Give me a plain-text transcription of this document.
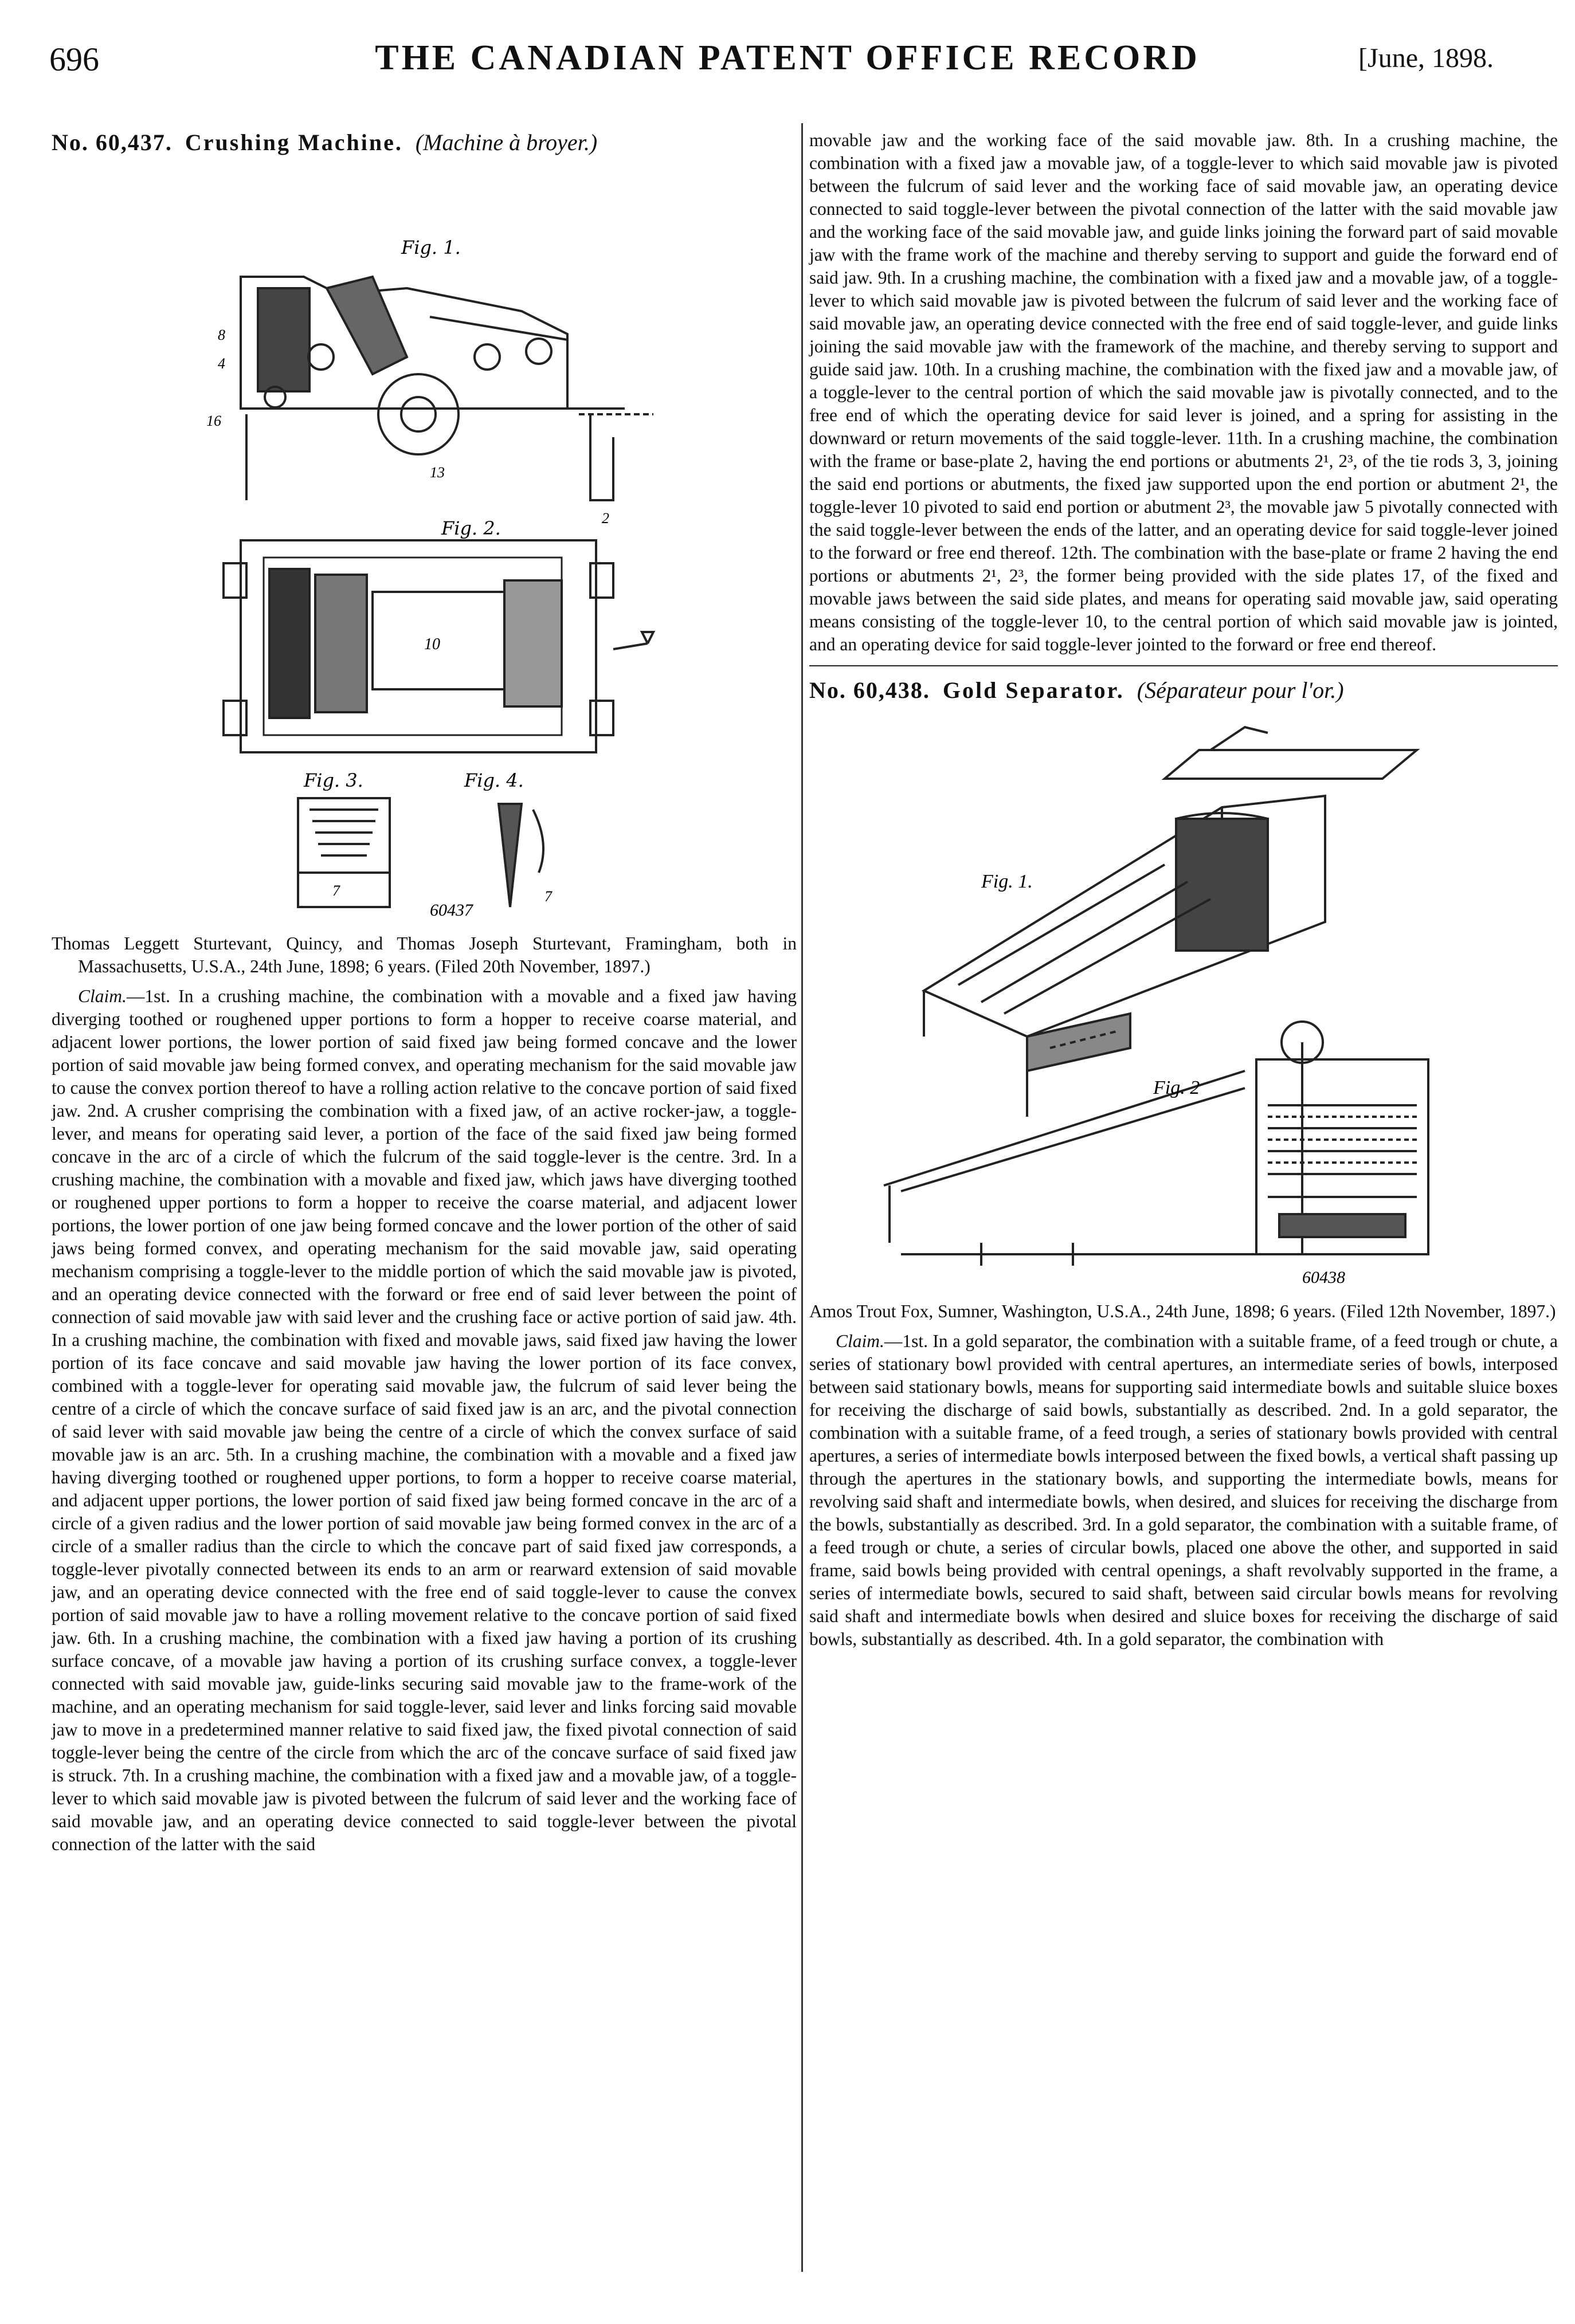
696	THE CANADIAN PATENT OFFICE RECORD	[June, 1898.
No. 60,437. Crushing Machine. (Machine à broyer.)
Fig. 1.
8
4
16
2
13
Fig. 2.
10
Fig. 3.
7
Fig. 4.
7
60437

Thomas Leggett Sturtevant, Quincy, and Thomas Joseph Sturtevant, Framingham, both in Massachusetts, U.S.A., 24th June, 1898; 6 years. (Filed 20th November, 1897.)

Claim.—1st. In a crushing machine, the combination with a movable and a fixed jaw having diverging toothed or roughened upper portions to form a hopper to receive coarse material, and adjacent lower portions, the lower portion of said fixed jaw being formed concave and the lower portion of said movable jaw being formed convex, and operating mechanism for the said movable jaw to cause the convex portion thereof to have a rolling action relative to the concave portion of said fixed jaw. 2nd. A crusher comprising the combination with a fixed jaw, of an active rocker-jaw, a toggle-lever, and means for operating said lever, a portion of the face of the said fixed jaw being formed concave in the arc of a circle of which the fulcrum of the said toggle-lever is the centre. 3rd. In a crushing machine, the combination with a movable and fixed jaw, which jaws have diverging toothed or roughened upper portions to form a hopper to receive the coarse material, and adjacent lower portions, the lower portion of one jaw being formed concave and the lower portion of the other of said jaws being formed convex, and operating mechanism for the said movable jaw, said operating mechanism comprising a toggle-lever to the middle portion of which the said movable jaw is pivoted, and an operating device connected with the forward or free end of said lever between the point of connection of said movable jaw with said lever and the crushing face or active portion of said jaw. 4th. In a crushing machine, the combination with fixed and movable jaws, said fixed jaw having the lower portion of its face concave and said movable jaw having the lower portion of its face convex, combined with a toggle-lever for operating said movable jaw, the fulcrum of said lever being the centre of a circle of which the concave surface of said fixed jaw is an arc, and the pivotal connection of said lever with said movable jaw being the centre of a circle of which the convex surface of said movable jaw is an arc. 5th. In a crushing machine, the combination with a movable and a fixed jaw having diverging toothed or roughened upper portions, to form a hopper to receive coarse material, and adjacent upper portions, the lower portion of said fixed jaw being formed concave in the arc of a circle of a given radius and the lower portion of said movable jaw being formed convex in the arc of a circle of a smaller radius than the circle to which the concave part of said fixed jaw corresponds, a toggle-lever pivotally connected between its ends to an arm or rearward extension of said movable jaw, and an operating device connected with the free end of said toggle-lever to cause the convex portion of said movable jaw to have a rolling movement relative to the concave portion of said fixed jaw. 6th. In a crushing machine, the combination with a fixed jaw having a portion of its crushing surface concave, of a movable jaw having a portion of its crushing surface convex, a toggle-lever connected with said movable jaw, guide-links securing said movable jaw to the frame-work of the machine, and an operating mechanism for said toggle-lever, said lever and links forcing said movable jaw to move in a predetermined manner relative to said fixed jaw, the fixed pivotal connection of said toggle-lever being the centre of the circle from which the arc of the concave surface of said fixed jaw is struck. 7th. In a crushing machine, the combination with a fixed jaw and a movable jaw, of a toggle-lever to which said movable jaw is pivoted between the fulcrum of said lever and the working face of said movable jaw, and an operating device connected to said toggle-lever between the pivotal connection of the latter with the said

movable jaw and the working face of the said movable jaw. 8th. In a crushing machine, the combination with a fixed jaw a movable jaw, of a toggle-lever to which said movable jaw is pivoted between the fulcrum of said lever and the working face of said movable jaw, an operating device connected to said toggle-lever between the pivotal connection of the latter with the said movable jaw and the working face of the said movable jaw, and guide links joining the forward part of said movable jaw with the frame work of the machine and thereby serving to support and guide the forward end of said jaw. 9th. In a crushing machine, the combination with a fixed jaw and a movable jaw, of a toggle-lever to which said movable jaw is pivoted between the fulcrum of said lever and the working face of said movable jaw, an operating device connected with the free end of said toggle-lever, and guide links joining the said movable jaw with the framework of the machine, and thereby serving to support and guide said jaw. 10th. In a crushing machine, the combination with the fixed jaw and a movable jaw, of a toggle-lever to the central portion of which the said movable jaw is pivotally connected, and to the free end of which the operating device for said lever is joined, and a spring for assisting in the downward or return movements of the said toggle-lever. 11th. In a crushing machine, the combination with the frame or base-plate 2, having the end portions or abutments 2¹, 2³, of the tie rods 3, 3, joining the said end portions or abutments, the fixed jaw supported upon the end portion or abutment 2¹, the toggle-lever 10 pivoted to said end portion or abutment 2³, the movable jaw 5 pivotally connected with the said toggle-lever between the ends of the latter, and an operating device for said toggle-lever joined to the forward or free end thereof. 12th. The combination with the base-plate or frame 2 having the end portions or abutments 2¹, 2³, the former being provided with the side plates 17, of the fixed and movable jaws between the said side plates, and means for operating said movable jaw, said operating means consisting of the toggle-lever 10, to the central portion of which said movable jaw is jointed, and an operating device for said toggle-lever jointed to the forward or free end thereof.

No. 60,438. Gold Separator. (Séparateur pour l'or.)
Fig. 1.
Fig. 2
60438

Amos Trout Fox, Sumner, Washington, U.S.A., 24th June, 1898; 6 years. (Filed 12th November, 1897.)

Claim.—1st. In a gold separator, the combination with a suitable frame, of a feed trough or chute, a series of stationary bowl provided with central apertures, an intermediate series of bowls, interposed between said stationary bowls, means for supporting said intermediate bowls and suitable sluice boxes for receiving the discharge of said bowls, substantially as described. 2nd. In a gold separator, the combination with a suitable frame, of a feed trough, a series of stationary bowls provided with central apertures, a series of intermediate bowls interposed between the fixed bowls, a vertical shaft passing up through the apertures in the stationary bowls, and supporting the intermediate bowls, means for revolving said shaft and intermediate bowls, when desired, and sluices for receiving the discharge from the bowls, substantially as described. 3rd. In a gold separator, the combination with a suitable frame, of a feed trough or chute, a series of circular bowls, placed one above the other, and supported in said frame, said bowls being provided with central openings, a shaft revolvably supported in the frame, a series of intermediate bowls, secured to said shaft, between said circular bowls means for revolving said shaft and intermediate bowls when desired and sluice boxes for receiving the discharge of said bowls, substantially as described. 4th. In a gold separator, the combination with
